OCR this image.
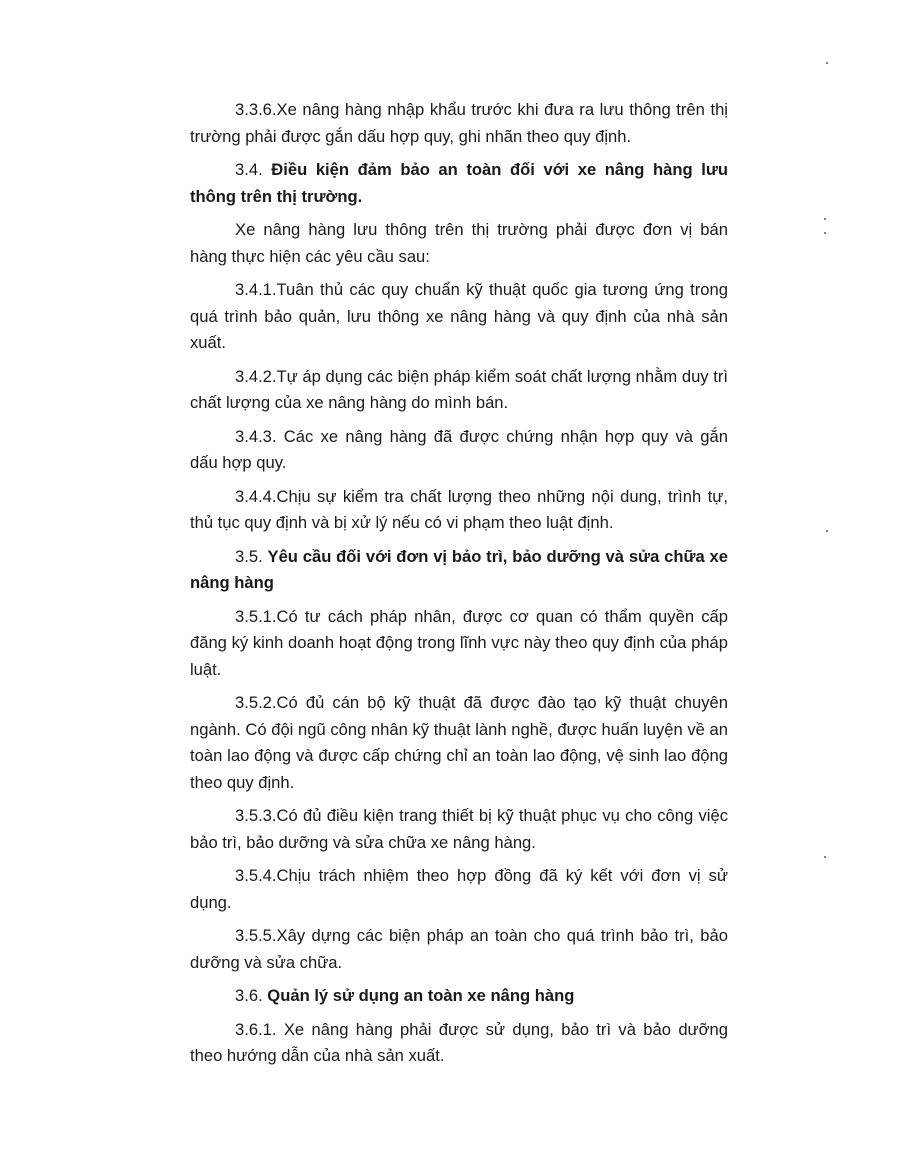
3.3.6.Xe nâng hàng nhập khẩu trước khi đưa ra lưu thông trên thị trường phải được gắn dấu hợp quy, ghi nhãn theo quy định.

3.4. Điều kiện đảm bảo an toàn đối với xe nâng hàng lưu thông trên thị trường.

Xe nâng hàng lưu thông trên thị trường phải được đơn vị bán hàng thực hiện các yêu cầu sau:

3.4.1.Tuân thủ các quy chuẩn kỹ thuật quốc gia tương ứng trong quá trình bảo quản, lưu thông xe nâng hàng và quy định của nhà sản xuất.

3.4.2.Tự áp dụng các biện pháp kiểm soát chất lượng nhằm duy trì chất lượng của xe nâng hàng do mình bán.

3.4.3. Các xe nâng hàng đã được chứng nhận hợp quy và gắn dấu hợp quy.

3.4.4.Chịu sự kiểm tra chất lượng theo những nội dung, trình tự, thủ tục quy định và bị xử lý nếu có vi phạm theo luật định.

3.5. Yêu cầu đối với đơn vị bảo trì, bảo dưỡng và sửa chữa xe nâng hàng

3.5.1.Có tư cách pháp nhân, được cơ quan có thẩm quyền cấp đăng ký kinh doanh hoạt động trong lĩnh vực này theo quy định của pháp luật.

3.5.2.Có đủ cán bộ kỹ thuật đã được đào tạo kỹ thuật chuyên ngành. Có đội ngũ công nhân kỹ thuật lành nghề, được huấn luyện về an toàn lao động và được cấp chứng chỉ an toàn lao động, vệ sinh lao động theo quy định.

3.5.3.Có đủ điều kiện trang thiết bị kỹ thuật phục vụ cho công việc bảo trì, bảo dưỡng và sửa chữa xe nâng hàng.

3.5.4.Chịu trách nhiệm theo hợp đồng đã ký kết với đơn vị sử dụng.

3.5.5.Xây dựng các biện pháp an toàn cho quá trình bảo trì, bảo dưỡng và sửa chữa.

3.6. Quản lý sử dụng an toàn xe nâng hàng

3.6.1. Xe nâng hàng phải được sử dụng, bảo trì và bảo dưỡng theo hướng dẫn của nhà sản xuất.
